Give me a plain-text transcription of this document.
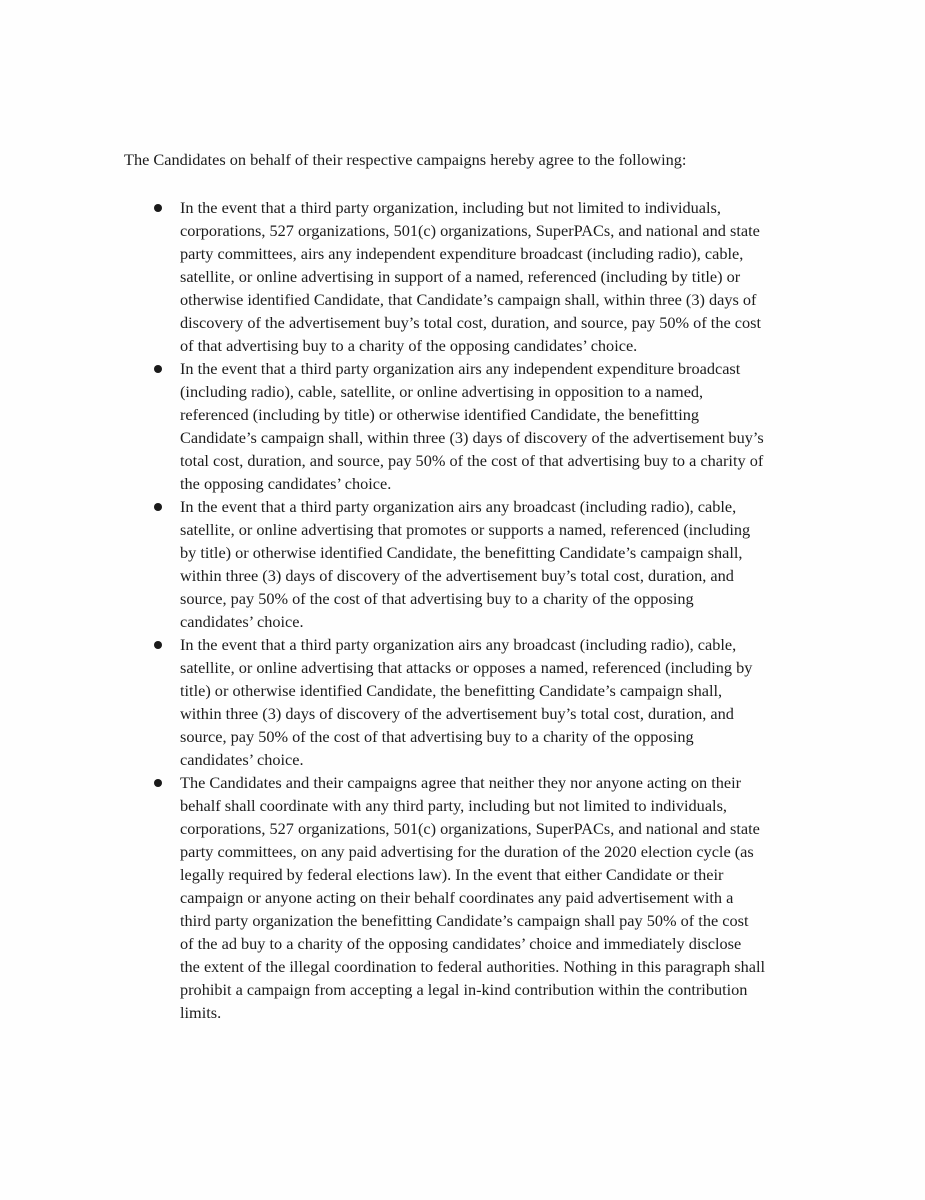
The Candidates on behalf of their respective campaigns hereby agree to the following:

In the event that a third party organization, including but not limited to individuals,
corporations, 527 organizations, 501(c) organizations, SuperPACs, and national and state
party committees, airs any independent expenditure broadcast (including radio), cable,
satellite, or online advertising in support of a named, referenced (including by title) or
otherwise identified Candidate, that Candidate’s campaign shall, within three (3) days of
discovery of the advertisement buy’s total cost, duration, and source, pay 50% of the cost
of that advertising buy to a charity of the opposing candidates’ choice.
In the event that a third party organization airs any independent expenditure broadcast
(including radio), cable, satellite, or online advertising in opposition to a named,
referenced (including by title) or otherwise identified Candidate, the benefitting
Candidate’s campaign shall, within three (3) days of discovery of the advertisement buy’s
total cost, duration, and source, pay 50% of the cost of that advertising buy to a charity of
the opposing candidates’ choice.
In the event that a third party organization airs any broadcast (including radio), cable,
satellite, or online advertising that promotes or supports a named, referenced (including
by title) or otherwise identified Candidate, the benefitting Candidate’s campaign shall,
within three (3) days of discovery of the advertisement buy’s total cost, duration, and
source, pay 50% of the cost of that advertising buy to a charity of the opposing
candidates’ choice.
In the event that a third party organization airs any broadcast (including radio), cable,
satellite, or online advertising that attacks or opposes a named, referenced (including by
title) or otherwise identified Candidate, the benefitting Candidate’s campaign shall,
within three (3) days of discovery of the advertisement buy’s total cost, duration, and
source, pay 50% of the cost of that advertising buy to a charity of the opposing
candidates’ choice.
The Candidates and their campaigns agree that neither they nor anyone acting on their
behalf shall coordinate with any third party, including but not limited to individuals,
corporations, 527 organizations, 501(c) organizations, SuperPACs, and national and state
party committees, on any paid advertising for the duration of the 2020 election cycle (as
legally required by federal elections law). In the event that either Candidate or their
campaign or anyone acting on their behalf coordinates any paid advertisement with a
third party organization the benefitting Candidate’s campaign shall pay 50% of the cost
of the ad buy to a charity of the opposing candidates’ choice and immediately disclose
the extent of the illegal coordination to federal authorities. Nothing in this paragraph shall
prohibit a campaign from accepting a legal in-kind contribution within the contribution
limits.
